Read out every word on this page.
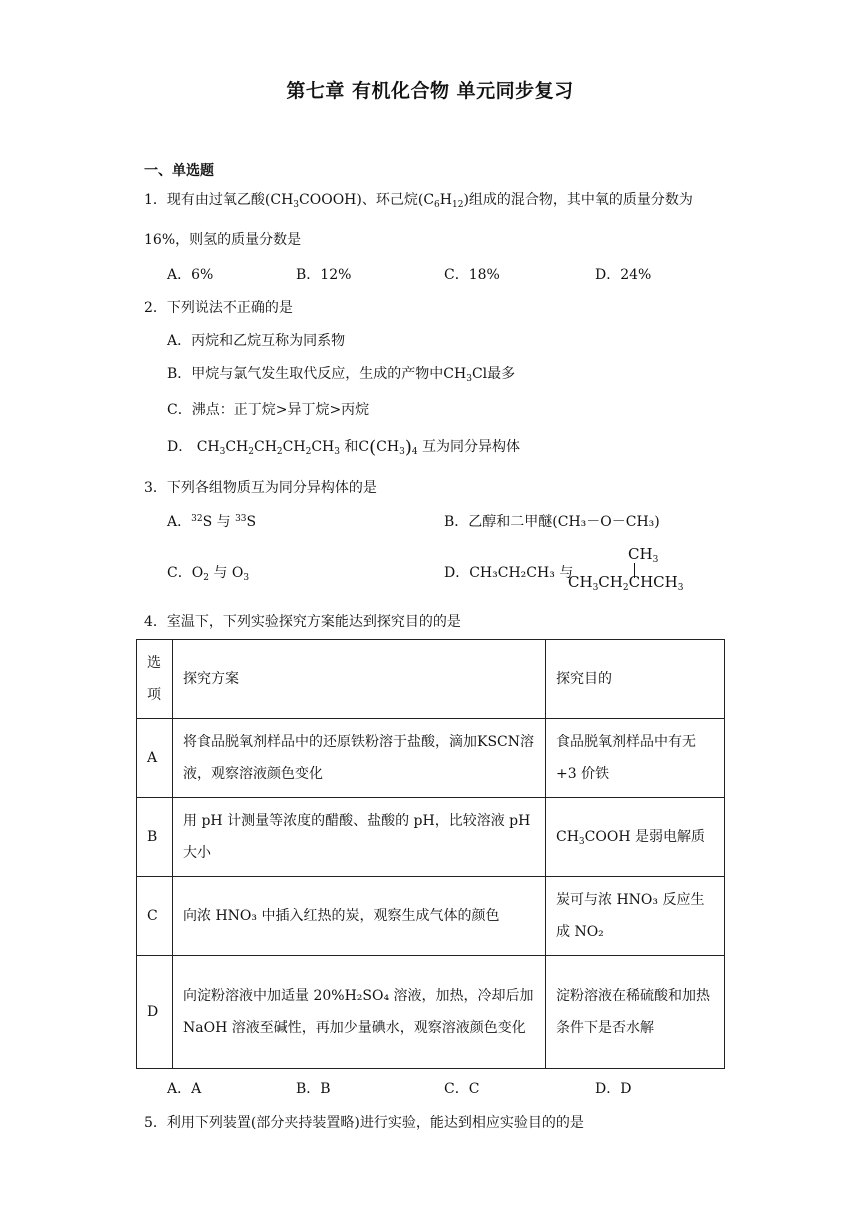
第七章 有机化合物 单元同步复习
一、单选题
1．现有由过氧乙酸$(CH_3COOOH)$、环己烷$(C_6H_{12})$组成的混合物，其中氧的质量分数为
16%，则氢的质量分数是
A．6%	B．12%	C．18%	D．24%
2．下列说法不正确的是
A．丙烷和乙烷互称为同系物
B．甲烷与氯气发生取代反应，生成的产物中$CH_3Cl$最多
C．沸点：正丁烷>异丁烷>丙烷
D． $CH_3CH_2CH_2CH_2CH_3$ 和$C(CH_3)_4$ 互为同分异构体
3．下列各组物质互为同分异构体的是
A．$^{32}$S 与 $^{33}$S	B．乙醇和二甲醚(CH₃－O－CH₃)
C．$O_2$ 与 $O_3$	D．CH₃CH₂CH₃ 与
$CH_3$
$CH_3CH_2CHCH_3$
4．室温下，下列实验探究方案能达到探究目的的是
选
项	探究方案	探究目的
A	将食品脱氧剂样品中的还原铁粉溶于盐酸，滴加KSCN溶液，观察溶液颜色变化	食品脱氧剂样品中有无+3 价铁

B	用 pH 计测量等浓度的醋酸、盐酸的 pH，比较溶液 pH 大小	$CH_3COOH$ 是弱电解质
C	向浓 HNO₃ 中插入红热的炭，观察生成气体的颜色	炭可与浓 HNO₃ 反应生成 NO₂

D	向淀粉溶液中加适量 20%H₂SO₄ 溶液，加热，冷却后加 NaOH 溶液至碱性，再加少量碘水，观察溶液颜色变化	淀粉溶液在稀硫酸和加热条件下是否水解
A．A	B．B	C．C	D．D
5．利用下列装置(部分夹持装置略)进行实验，能达到相应实验目的的是
